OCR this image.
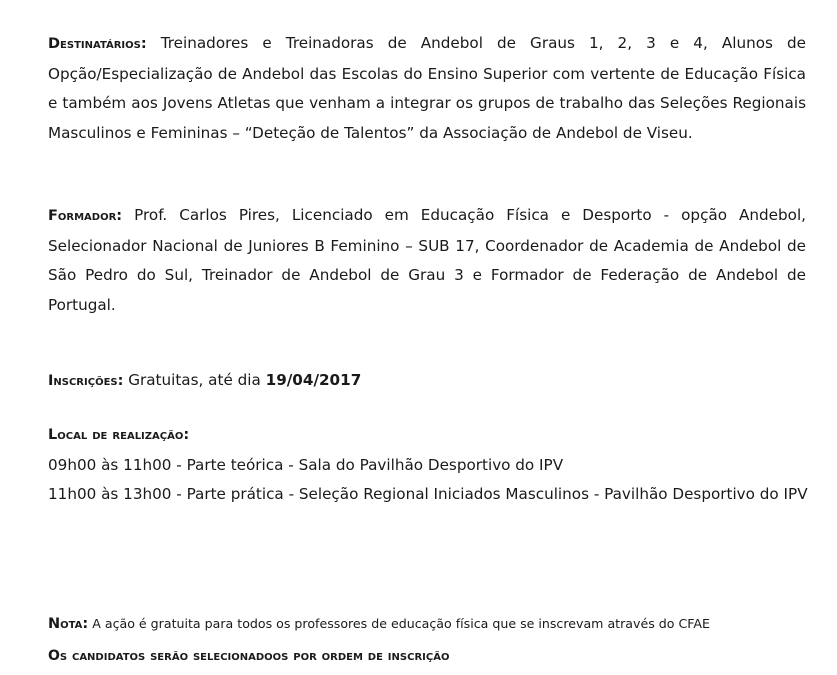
Destinatários: Treinadores e Treinadoras de Andebol de Graus 1, 2, 3 e 4, Alunos de Opção/Especialização de Andebol das Escolas do Ensino Superior com vertente de Educação Física e também aos Jovens Atletas que venham a integrar os grupos de trabalho das Seleções Regionais Masculinos e Femininas – “Deteção de Talentos” da Associação de Andebol de Viseu.

Formador: Prof. Carlos Pires, Licenciado em Educação Física e Desporto - opção Andebol, Selecionador Nacional de Juniores B Feminino – SUB 17, Coordenador de Academia de Andebol de São Pedro do Sul, Treinador de Andebol de Grau 3 e Formador de Federação de Andebol de Portugal.

Inscrições: Gratuitas, até dia 19/04/2017

Local de realização:

09h00 às 11h00 - Parte teórica - Sala do Pavilhão Desportivo do IPV

11h00 às 13h00 - Parte prática - Seleção Regional Iniciados Masculinos - Pavilhão Desportivo do IPV

Nota: A ação é gratuita para todos os professores de educação física que se inscrevam através do CFAE

Os candidatos serão selecionadoos por ordem de inscrição
